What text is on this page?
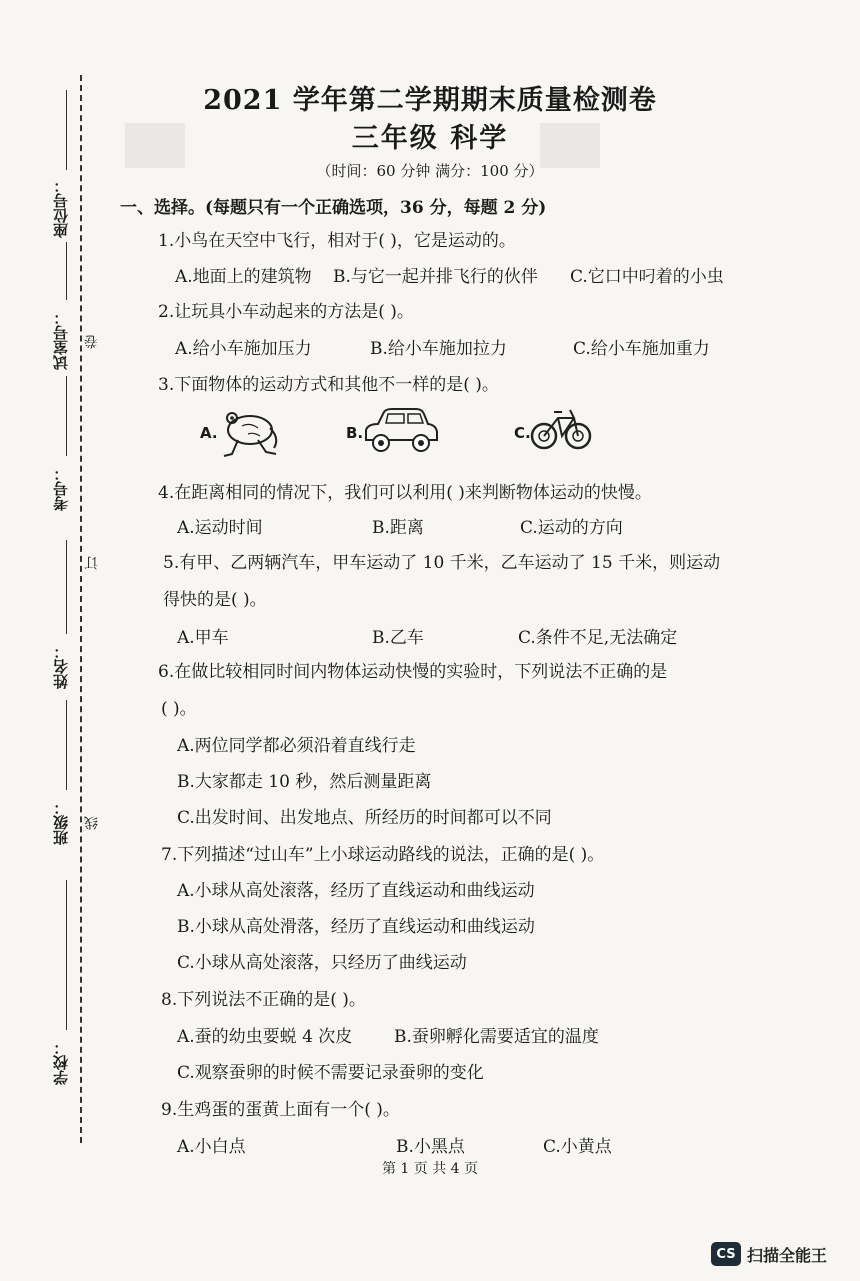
座位号：
试室号：
考号：
姓名：
班级：
学校：
卷
订
线
2021 学年第二学期期末质量检测卷
三年级 科学
（时间：60 分钟 满分：100 分）
一、选择。(每题只有一个正确选项，36 分，每题 2 分)
1.小鸟在天空中飞行，相对于( )，它是运动的。
A.地面上的建筑物 B.与它一起并排飞行的伙伴 C.它口中叼着的小虫
2.让玩具小车动起来的方法是( )。
A.给小车施加压力	B.给小车施加拉力	C.给小车施加重力
3.下面物体的运动方式和其他不一样的是( )。
A.	B.	C.
4.在距离相同的情况下，我们可以利用( )来判断物体运动的快慢。
A.运动时间	B.距离	C.运动的方向
5.有甲、乙两辆汽车，甲车运动了 10 千米，乙车运动了 15 千米，则运动
得快的是( )。
A.甲车	B.乙车	C.条件不足,无法确定
6.在做比较相同时间内物体运动快慢的实验时，下列说法不正确的是
( )。
A.两位同学都必须沿着直线行走
B.大家都走 10 秒，然后测量距离
C.出发时间、出发地点、所经历的时间都可以不同
7.下列描述“过山车”上小球运动路线的说法，正确的是( )。
A.小球从高处滚落，经历了直线运动和曲线运动
B.小球从高处滑落，经历了直线运动和曲线运动
C.小球从高处滚落，只经历了曲线运动
8.下列说法不正确的是( )。
A.蚕的幼虫要蜕 4 次皮 B.蚕卵孵化需要适宜的温度
C.观察蚕卵的时候不需要记录蚕卵的变化
9.生鸡蛋的蛋黄上面有一个( )。
A.小白点	B.小黑点	C.小黄点
第 1 页 共 4 页
CS 扫描全能王
